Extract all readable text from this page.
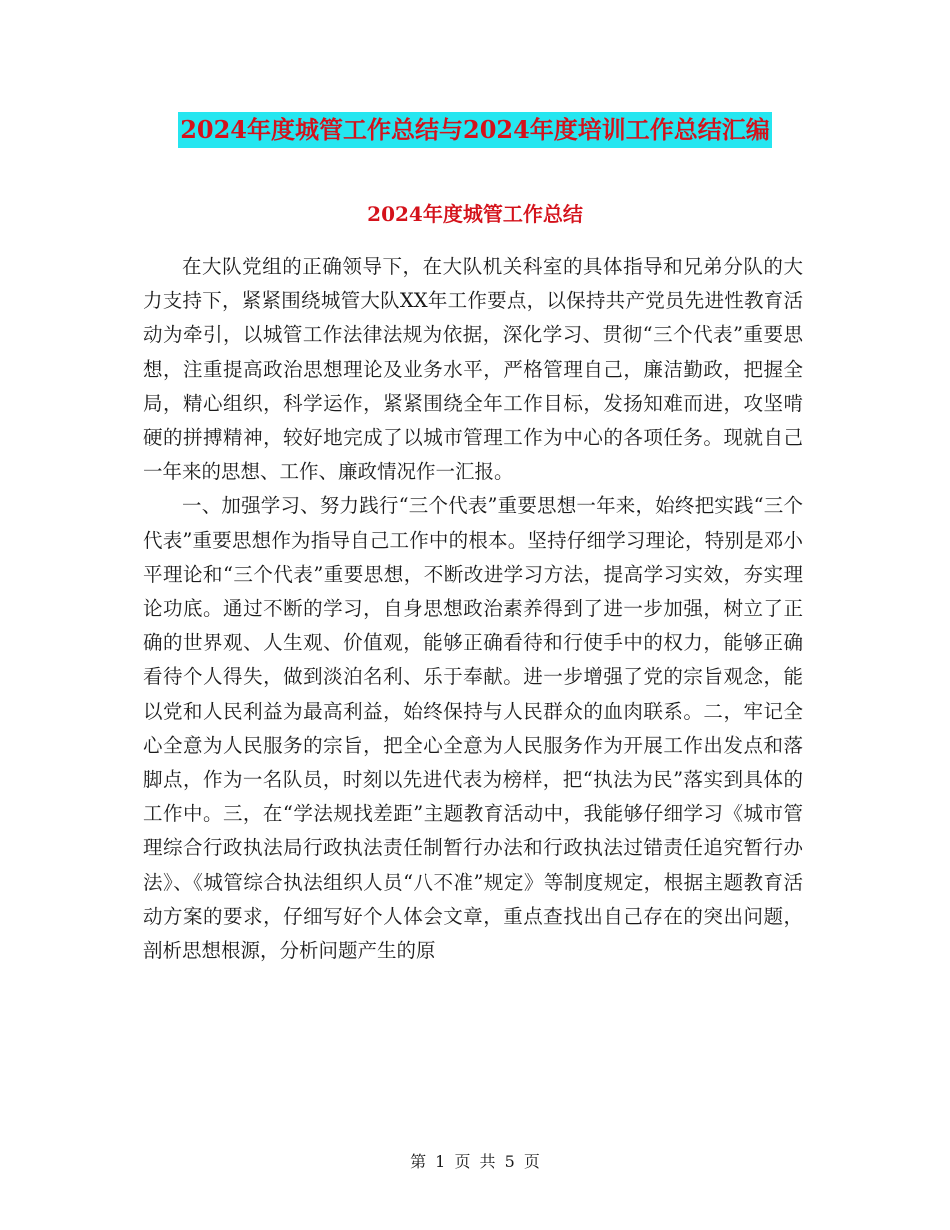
2024年度城管工作总结与2024年度培训工作总结汇编
2024年度城管工作总结

在大队党组的正确领导下，在大队机关科室的具体指导和兄弟分队的大力支持下，紧紧围绕城管大队XX年工作要点，以保持共产党员先进性教育活动为牵引，以城管工作法律法规为依据，深化学习、贯彻“三个代表”重要思想，注重提高政治思想理论及业务水平，严格管理自己，廉洁勤政，把握全局，精心组织，科学运作，紧紧围绕全年工作目标，发扬知难而进，攻坚啃硬的拼搏精神，较好地完成了以城市管理工作为中心的各项任务。现就自己一年来的思想、工作、廉政情况作一汇报。

一、加强学习、努力践行“三个代表”重要思想一年来，始终把实践“三个代表”重要思想作为指导自己工作中的根本。坚持仔细学习理论，特别是邓小平理论和“三个代表”重要思想，不断改进学习方法，提高学习实效，夯实理论功底。通过不断的学习，自身思想政治素养得到了进一步加强，树立了正确的世界观、人生观、价值观，能够正确看待和行使手中的权力，能够正确看待个人得失，做到淡泊名利、乐于奉献。进一步增强了党的宗旨观念，能以党和人民利益为最高利益，始终保持与人民群众的血肉联系。二，牢记全心全意为人民服务的宗旨，把全心全意为人民服务作为开展工作出发点和落脚点，作为一名队员，时刻以先进代表为榜样，把“执法为民”落实到具体的工作中。三，在“学法规找差距”主题教育活动中，我能够仔细学习《城市管理综合行政执法局行政执法责任制暂行办法和行政执法过错责任追究暂行办法》、《城管综合执法组织人员“八不准”规定》等制度规定，根据主题教育活动方案的要求，仔细写好个人体会文章，重点查找出自己存在的突出问题，剖析思想根源，分析问题产生的原

第 1 页 共 5 页
